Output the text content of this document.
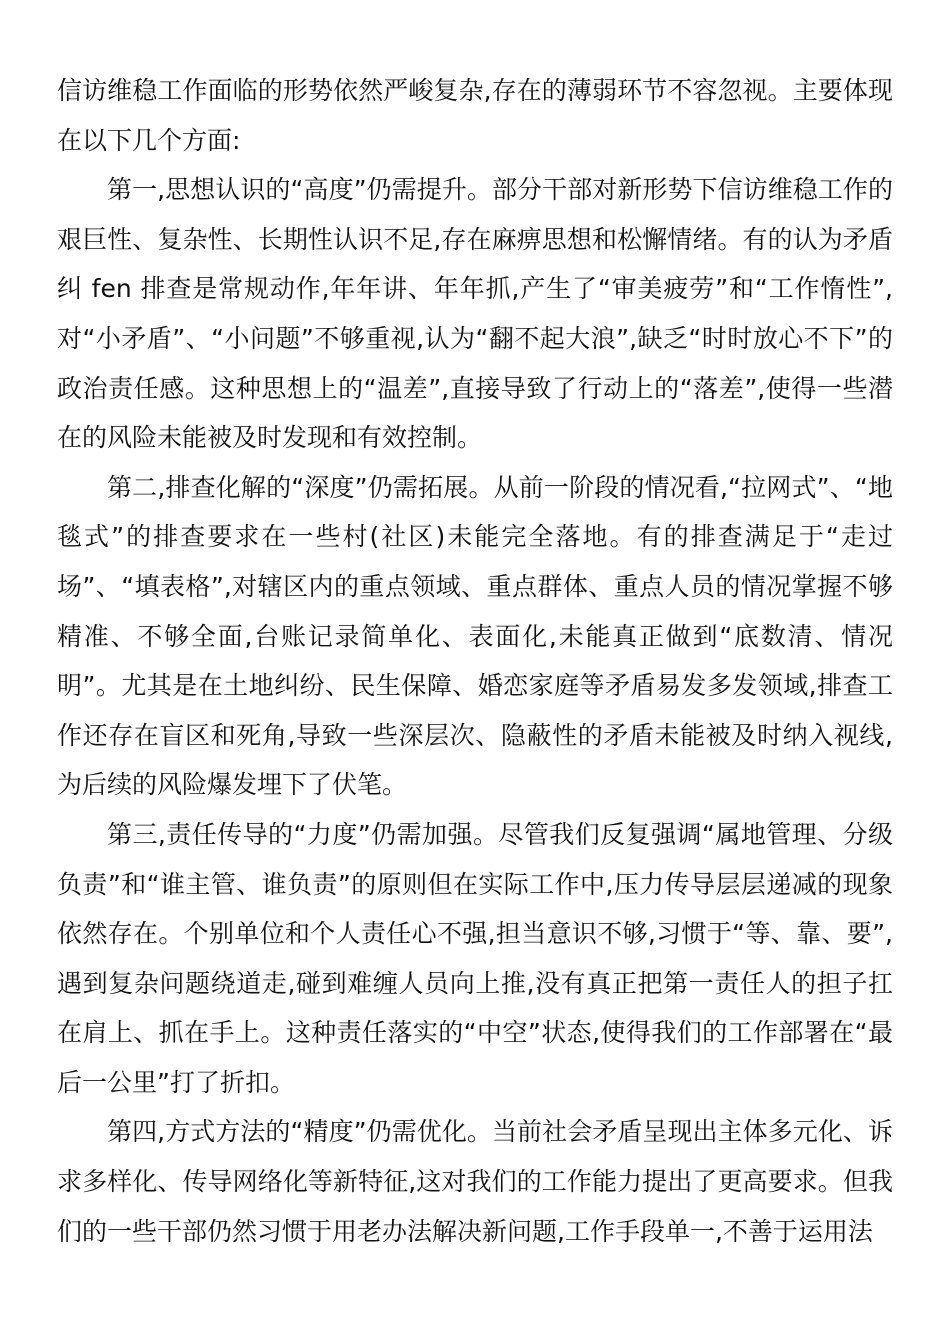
信访维稳工作面临的形势依然严峻复杂,存在的薄弱环节不容忽视。主要体现在以下几个方面:

第一,思想认识的“高度”仍需提升。部分干部对新形势下信访维稳工作的艰巨性、复杂性、长期性认识不足,存在麻痹思想和松懈情绪。有的认为矛盾纠 fen 排查是常规动作,年年讲、年年抓,产生了“审美疲劳”和“工作惰性”,对“小矛盾”、“小问题”不够重视,认为“翻不起大浪”,缺乏“时时放心不下”的政治责任感。这种思想上的“温差”,直接导致了行动上的“落差”,使得一些潜在的风险未能被及时发现和有效控制。

第二,排查化解的“深度”仍需拓展。从前一阶段的情况看,“拉网式”、“地毯式”的排查要求在一些村(社区)未能完全落地。有的排查满足于“走过场”、“填表格”,对辖区内的重点领域、重点群体、重点人员的情况掌握不够精准、不够全面,台账记录简单化、表面化,未能真正做到“底数清、情况明”。尤其是在土地纠纷、民生保障、婚恋家庭等矛盾易发多发领域,排查工作还存在盲区和死角,导致一些深层次、隐蔽性的矛盾未能被及时纳入视线,为后续的风险爆发埋下了伏笔。

第三,责任传导的“力度”仍需加强。尽管我们反复强调“属地管理、分级负责”和“谁主管、谁负责”的原则但在实际工作中,压力传导层层递减的现象依然存在。个别单位和个人责任心不强,担当意识不够,习惯于“等、靠、要”,遇到复杂问题绕道走,碰到难缠人员向上推,没有真正把第一责任人的担子扛在肩上、抓在手上。这种责任落实的“中空”状态,使得我们的工作部署在“最后一公里”打了折扣。

第四,方式方法的“精度”仍需优化。当前社会矛盾呈现出主体多元化、诉求多样化、传导网络化等新特征,这对我们的工作能力提出了更高要求。但我们的一些干部仍然习惯于用老办法解决新问题,工作手段单一,不善于运用法
